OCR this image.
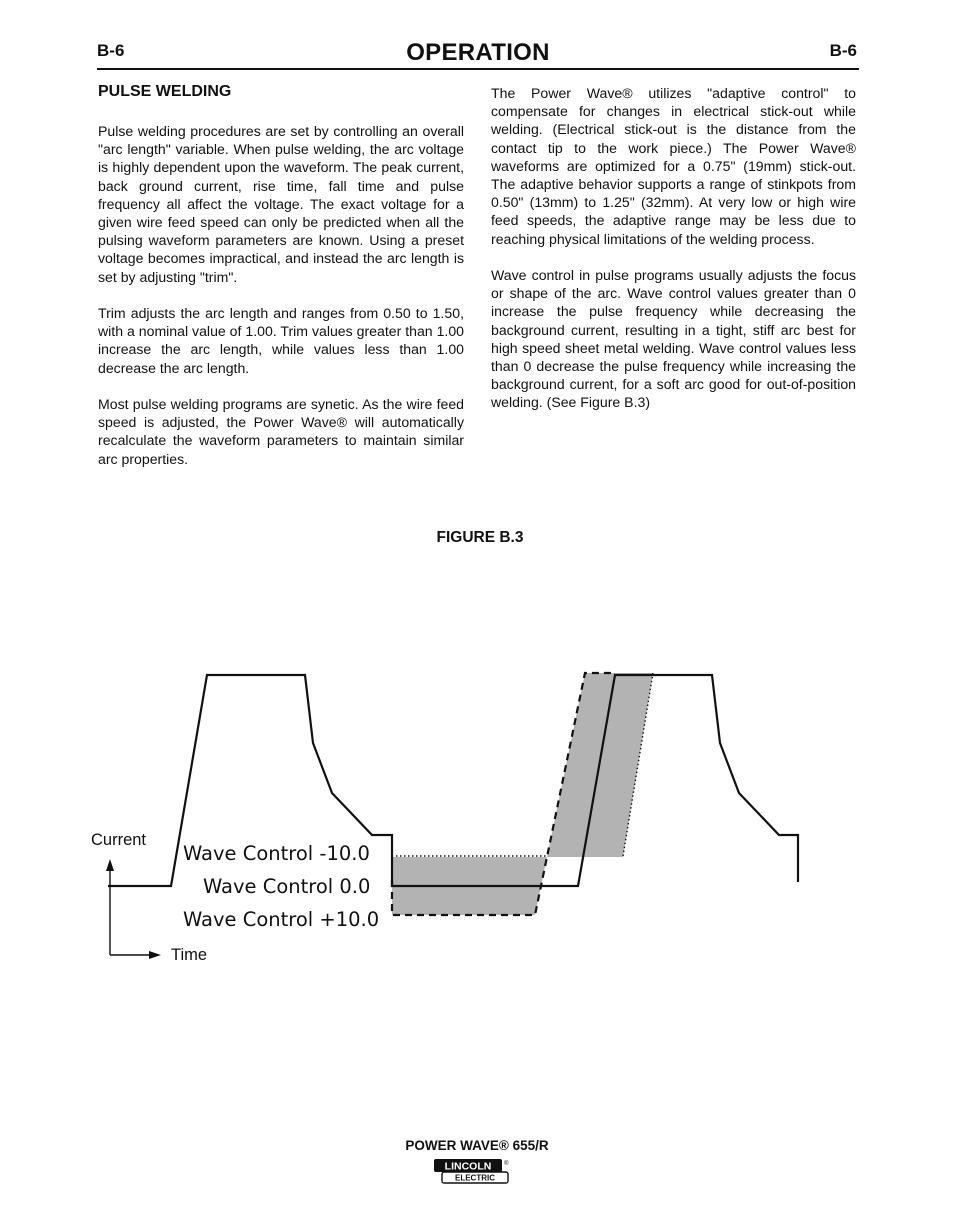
B-6	OPERATION	B-6
PULSE WELDING

Pulse welding procedures are set by controlling an overall "arc length" variable. When pulse welding, the arc voltage is highly dependent upon the waveform. The peak current, back ground current, rise time, fall time and pulse frequency all affect the voltage. The exact voltage for a given wire feed speed can only be predicted when all the pulsing waveform parameters are known. Using a preset voltage becomes impractical, and instead the arc length is set by adjusting "trim".

Trim adjusts the arc length and ranges from 0.50 to 1.50, with a nominal value of 1.00. Trim values greater than 1.00 increase the arc length, while values less than 1.00 decrease the arc length.

Most pulse welding programs are synetic. As the wire feed speed is adjusted, the Power Wave® will automatically recalculate the waveform parameters to maintain similar arc properties.

The Power Wave® utilizes "adaptive control" to compensate for changes in electrical stick-out while welding. (Electrical stick-out is the distance from the contact tip to the work piece.) The Power Wave® waveforms are optimized for a 0.75" (19mm) stick-out. The adaptive behavior supports a range of stinkpots from 0.50" (13mm) to 1.25" (32mm). At very low or high wire feed speeds, the adaptive range may be less due to reaching physical limitations of the welding process.

Wave control in pulse programs usually adjusts the focus or shape of the arc. Wave control values greater than 0 increase the pulse frequency while decreasing the background current, resulting in a tight, stiff arc best for high speed sheet metal welding. Wave control values less than 0 decrease the pulse frequency while increasing the background current, for a soft arc good for out-of-position welding. (See Figure B.3)

FIGURE B.3
Current
Time
Wave Control -10.0
Wave Control 0.0
Wave Control +10.0
POWER WAVE® 655/R
LINCOLN ®
ELECTRIC
